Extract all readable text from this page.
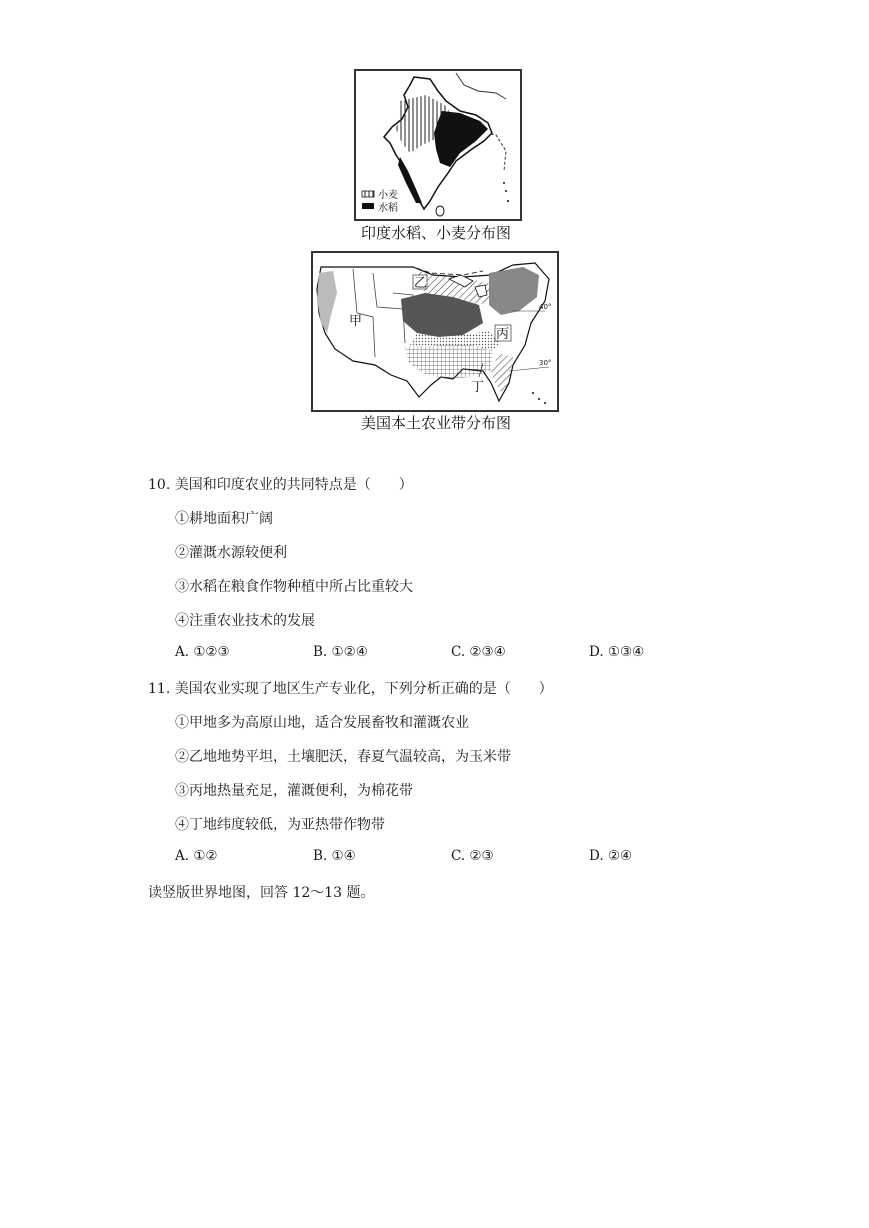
小麦
水稻
印度水稻、小麦分布图
40°
30°
甲
乙
丙
丁
美国本土农业带分布图
10. 美国和印度农业的共同特点是（　　）
①耕地面积广阔
②灌溉水源较便利
③水稻在粮食作物种植中所占比重较大
④注重农业技术的发展
A. ①②③	B. ①②④	C. ②③④	D. ①③④
11. 美国农业实现了地区生产专业化，下列分析正确的是（　　）
①甲地多为高原山地，适合发展畜牧和灌溉农业
②乙地地势平坦，土壤肥沃，春夏气温较高，为玉米带
③丙地热量充足，灌溉便利，为棉花带
④丁地纬度较低，为亚热带作物带
A. ①②	B. ①④	C. ②③	D. ②④
读竖版世界地图，回答 12～13 题。
